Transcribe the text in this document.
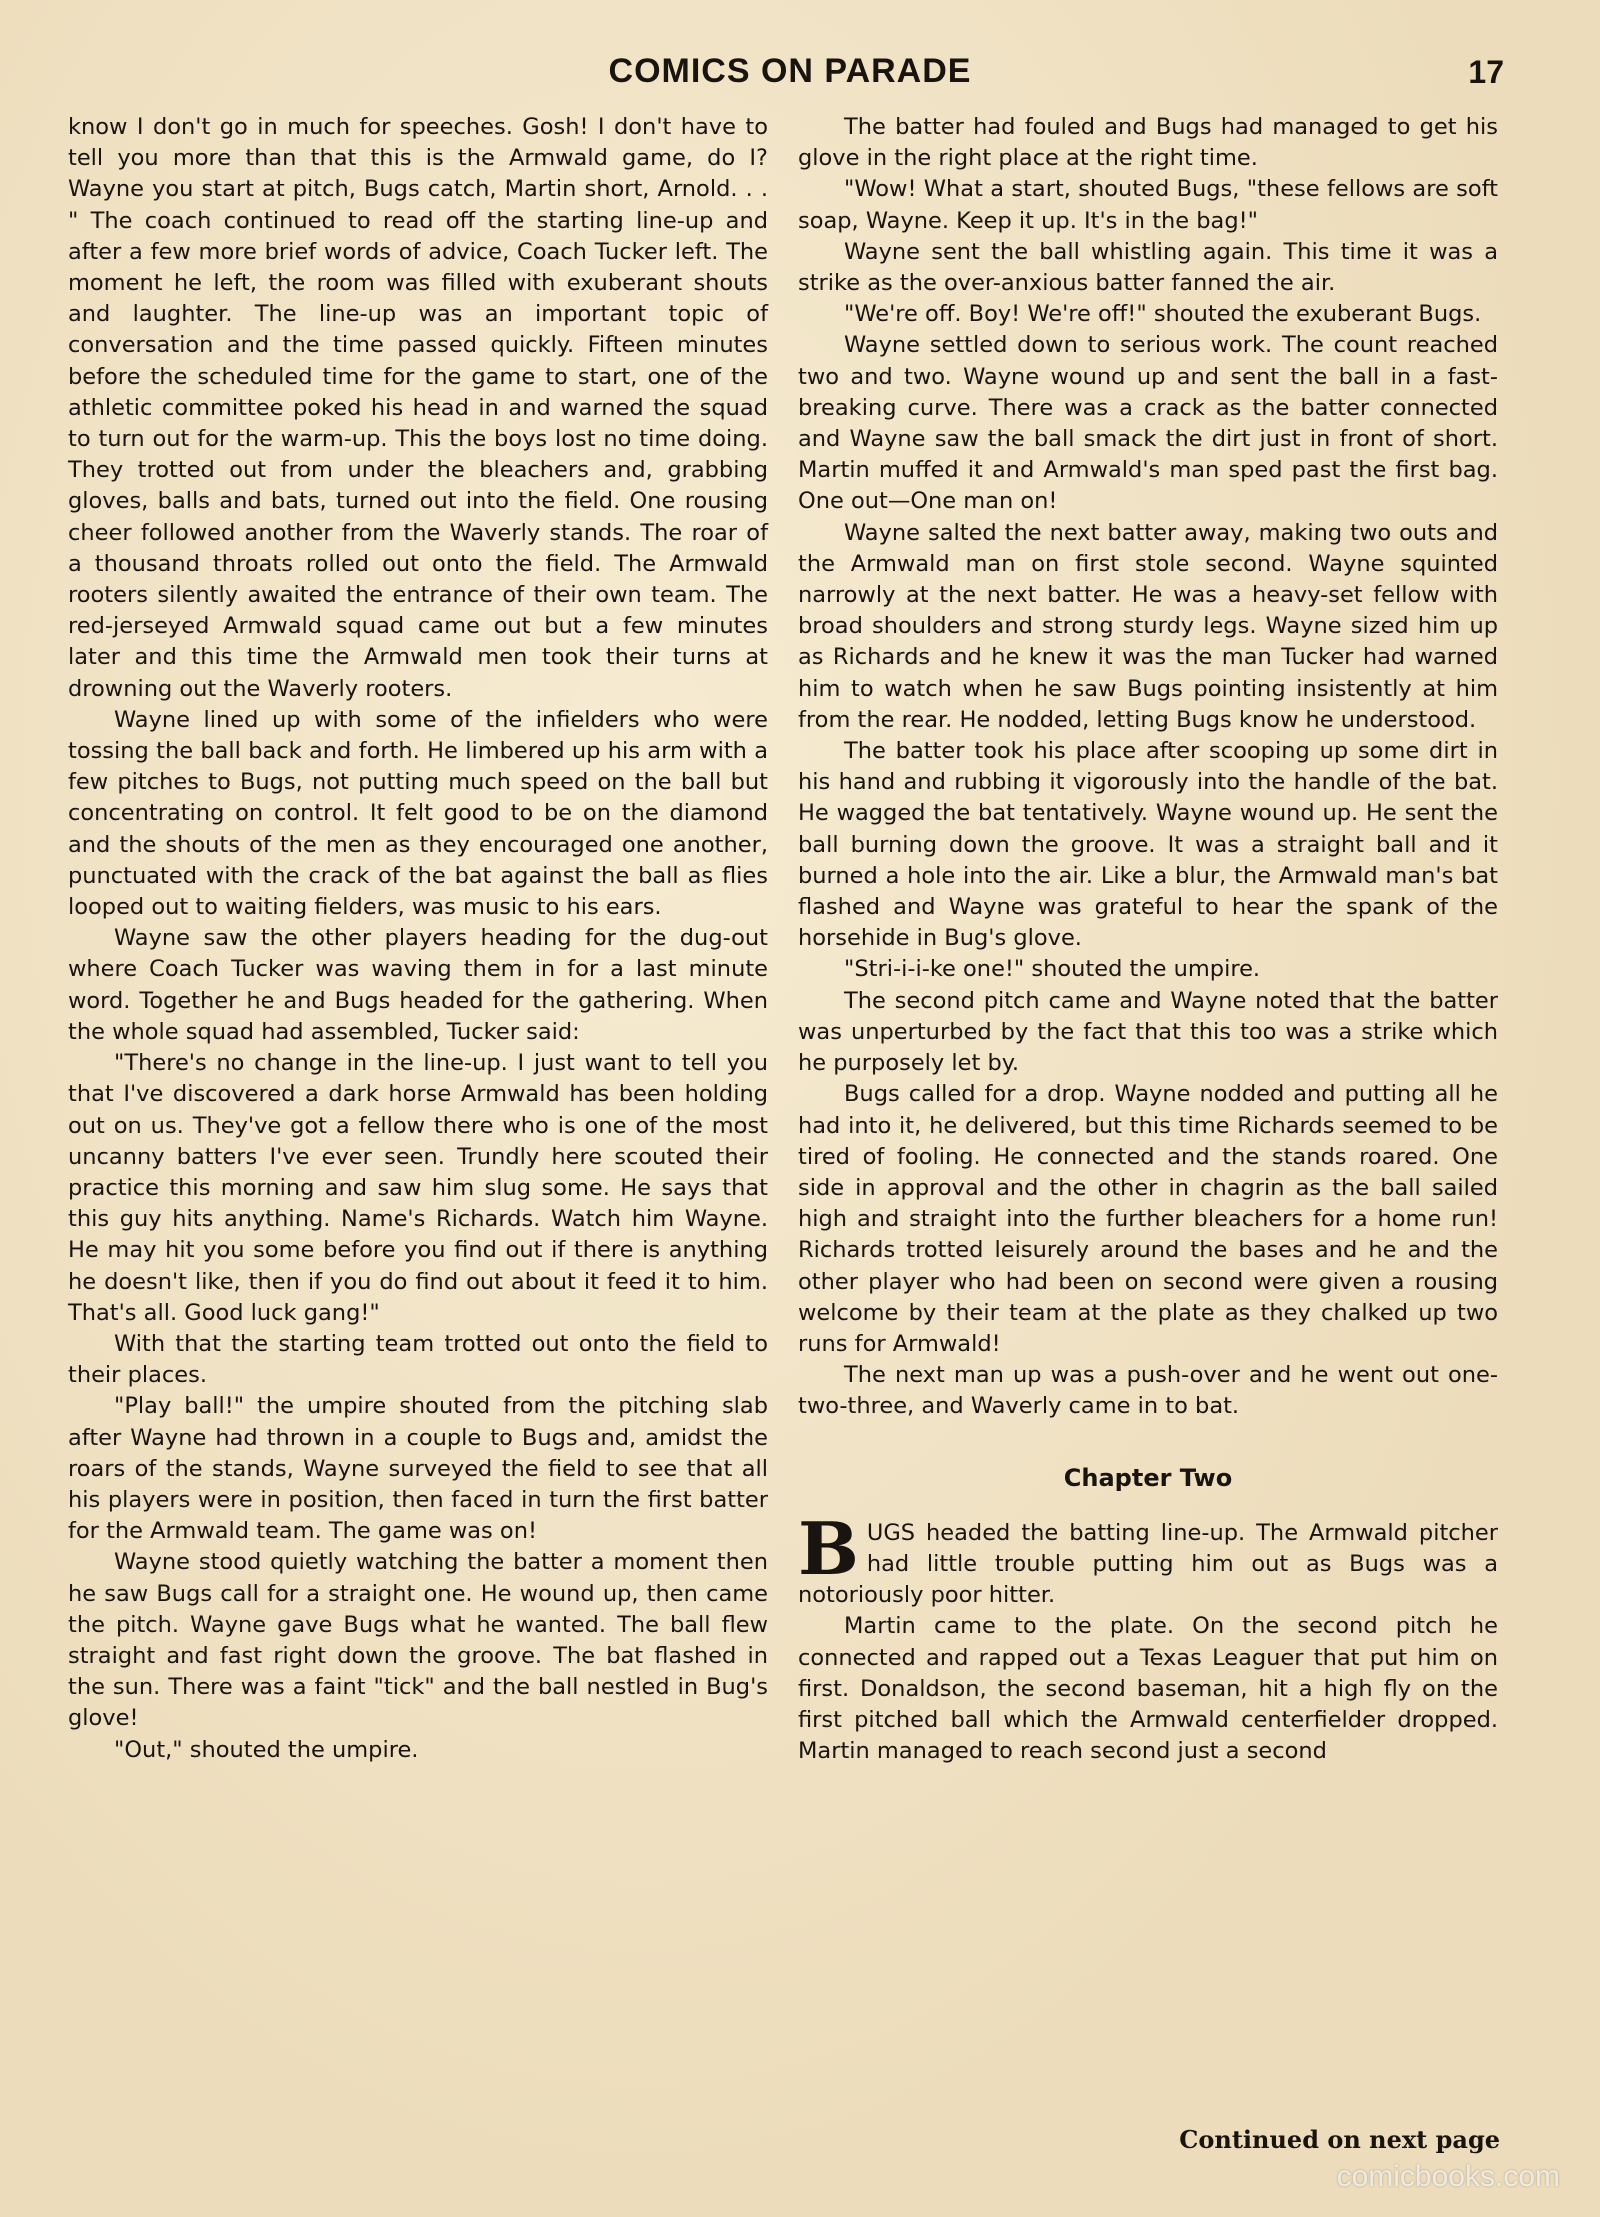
COMICS ON PARADE	17

know I don't go in much for speeches. Gosh! I don't have to tell you more than that this is the Armwald game, do I? Wayne you start at pitch, Bugs catch, Martin short, Arnold. . . " The coach continued to read off the starting line-up and after a few more brief words of advice, Coach Tucker left. The moment he left, the room was filled with exuberant shouts and laughter. The line-up was an important topic of conversation and the time passed quickly. Fifteen minutes before the scheduled time for the game to start, one of the athletic committee poked his head in and warned the squad to turn out for the warm-up. This the boys lost no time doing. They trotted out from under the bleachers and, grabbing gloves, balls and bats, turned out into the field. One rousing cheer followed another from the Waverly stands. The roar of a thousand throats rolled out onto the field. The Armwald rooters silently awaited the entrance of their own team. The red-jerseyed Armwald squad came out but a few minutes later and this time the Armwald men took their turns at drowning out the Waverly rooters.

Wayne lined up with some of the infielders who were tossing the ball back and forth. He limbered up his arm with a few pitches to Bugs, not putting much speed on the ball but concentrating on control. It felt good to be on the diamond and the shouts of the men as they encouraged one another, punctuated with the crack of the bat against the ball as flies looped out to waiting fielders, was music to his ears.

Wayne saw the other players heading for the dug-out where Coach Tucker was waving them in for a last minute word. Together he and Bugs headed for the gathering. When the whole squad had assembled, Tucker said:

"There's no change in the line-up. I just want to tell you that I've discovered a dark horse Armwald has been holding out on us. They've got a fellow there who is one of the most uncanny batters I've ever seen. Trundly here scouted their practice this morning and saw him slug some. He says that this guy hits anything. Name's Richards. Watch him Wayne. He may hit you some before you find out if there is anything he doesn't like, then if you do find out about it feed it to him. That's all. Good luck gang!"

With that the starting team trotted out onto the field to their places.

"Play ball!" the umpire shouted from the pitching slab after Wayne had thrown in a couple to Bugs and, amidst the roars of the stands, Wayne surveyed the field to see that all his players were in position, then faced in turn the first batter for the Armwald team. The game was on!

Wayne stood quietly watching the batter a moment then he saw Bugs call for a straight one. He wound up, then came the pitch. Wayne gave Bugs what he wanted. The ball flew straight and fast right down the groove. The bat flashed in the sun. There was a faint "tick" and the ball nestled in Bug's glove!

"Out," shouted the umpire.

The batter had fouled and Bugs had managed to get his glove in the right place at the right time.

"Wow! What a start, shouted Bugs, "these fellows are soft soap, Wayne. Keep it up. It's in the bag!"

Wayne sent the ball whistling again. This time it was a strike as the over-anxious batter fanned the air.

"We're off. Boy! We're off!" shouted the exuberant Bugs.

Wayne settled down to serious work. The count reached two and two. Wayne wound up and sent the ball in a fast-breaking curve. There was a crack as the batter connected and Wayne saw the ball smack the dirt just in front of short. Martin muffed it and Armwald's man sped past the first bag. One out—One man on!

Wayne salted the next batter away, making two outs and the Armwald man on first stole second. Wayne squinted narrowly at the next batter. He was a heavy-set fellow with broad shoulders and strong sturdy legs. Wayne sized him up as Richards and he knew it was the man Tucker had warned him to watch when he saw Bugs pointing insistently at him from the rear. He nodded, letting Bugs know he understood.

The batter took his place after scooping up some dirt in his hand and rubbing it vigorously into the handle of the bat. He wagged the bat tentatively. Wayne wound up. He sent the ball burning down the groove. It was a straight ball and it burned a hole into the air. Like a blur, the Armwald man's bat flashed and Wayne was grateful to hear the spank of the horsehide in Bug's glove.

"Stri-i-i-ke one!" shouted the umpire.

The second pitch came and Wayne noted that the batter was unperturbed by the fact that this too was a strike which he purposely let by.

Bugs called for a drop. Wayne nodded and putting all he had into it, he delivered, but this time Richards seemed to be tired of fooling. He connected and the stands roared. One side in approval and the other in chagrin as the ball sailed high and straight into the further bleachers for a home run! Richards trotted leisurely around the bases and he and the other player who had been on second were given a rousing welcome by their team at the plate as they chalked up two runs for Armwald!

The next man up was a push-over and he went out one-two-three, and Waverly came in to bat.

Chapter Two

BUGS headed the batting line-up. The Armwald pitcher had little trouble putting him out as Bugs was a notoriously poor hitter.

Martin came to the plate. On the second pitch he connected and rapped out a Texas Leaguer that put him on first. Donaldson, the second baseman, hit a high fly on the first pitched ball which the Armwald centerfielder dropped. Martin managed to reach second just a second

Continued on next page
comicbooks.com
